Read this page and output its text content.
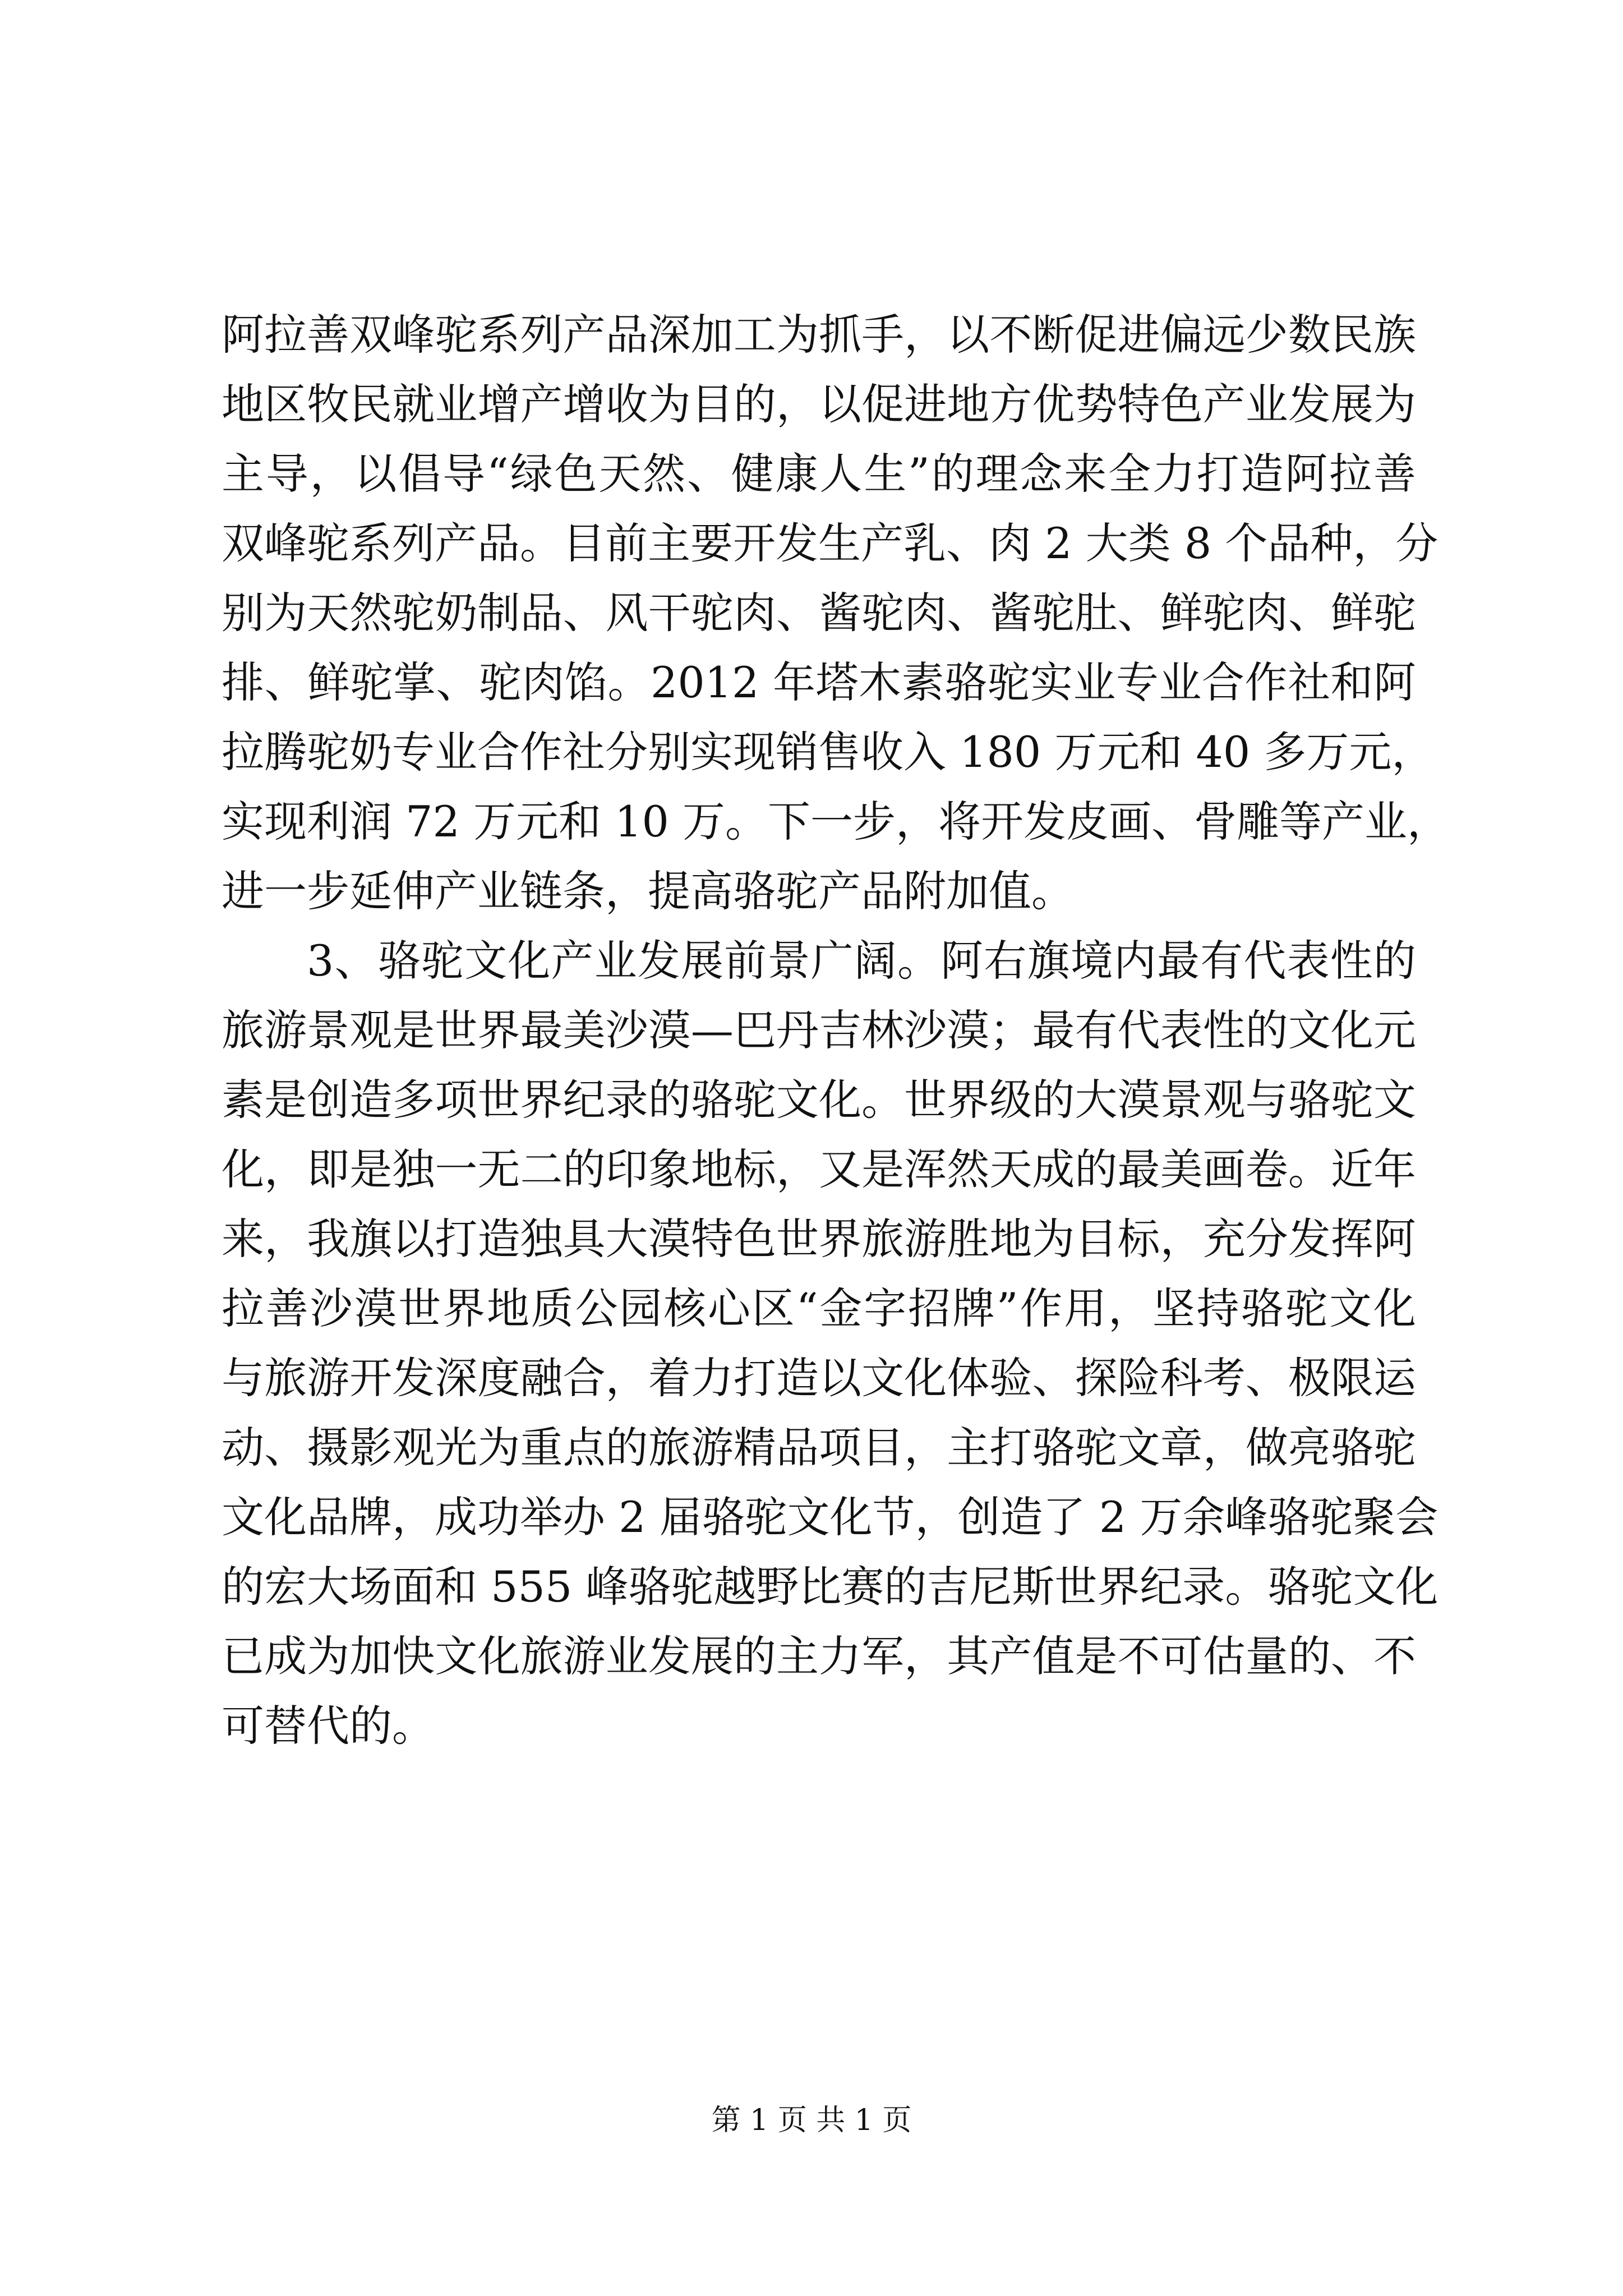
阿拉善双峰驼系列产品深加工为抓手，以不断促进偏远少数民族
地区牧民就业增产增收为目的，以促进地方优势特色产业发展为
主导，以倡导“绿色天然、健康人生”的理念来全力打造阿拉善
双峰驼系列产品。目前主要开发生产乳、肉 2 大类 8 个品种，分
别为天然驼奶制品、风干驼肉、酱驼肉、酱驼肚、鲜驼肉、鲜驼
排、鲜驼掌、驼肉馅。2012 年塔木素骆驼实业专业合作社和阿
拉腾驼奶专业合作社分别实现销售收入 180 万元和 40 多万元，
实现利润 72 万元和 10 万。下一步，将开发皮画、骨雕等产业，
进一步延伸产业链条，提高骆驼产品附加值。
3、骆驼文化产业发展前景广阔。阿右旗境内最有代表性的
旅游景观是世界最美沙漠—巴丹吉林沙漠；最有代表性的文化元
素是创造多项世界纪录的骆驼文化。世界级的大漠景观与骆驼文
化，即是独一无二的印象地标，又是浑然天成的最美画卷。近年
来，我旗以打造独具大漠特色世界旅游胜地为目标，充分发挥阿
拉善沙漠世界地质公园核心区“金字招牌”作用，坚持骆驼文化
与旅游开发深度融合，着力打造以文化体验、探险科考、极限运
动、摄影观光为重点的旅游精品项目，主打骆驼文章，做亮骆驼
文化品牌，成功举办 2 届骆驼文化节，创造了 2 万余峰骆驼聚会
的宏大场面和 555 峰骆驼越野比赛的吉尼斯世界纪录。骆驼文化
已成为加快文化旅游业发展的主力军，其产值是不可估量的、不
可替代的。
第 1 页 共 1 页
